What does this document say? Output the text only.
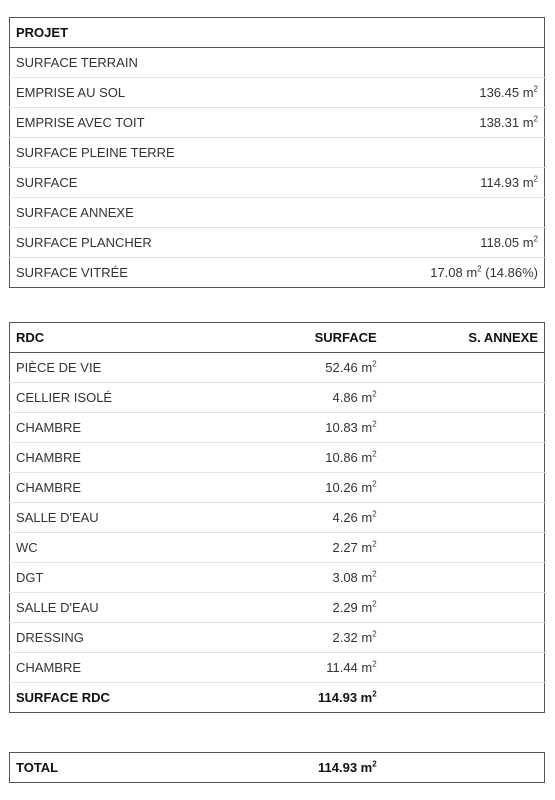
PROJET	
SURFACE TERRAIN	
EMPRISE AU SOL	136.45 $m^2$
EMPRISE AVEC TOIT	138.31 $m^2$
SURFACE PLEINE TERRE	
SURFACE	114.93 $m^2$
SURFACE ANNEXE	
SURFACE PLANCHER	118.05 $m^2$
SURFACE VITRÉE	17.08 $m^2$ (14.86%)
RDC	SURFACE	S. ANNEXE
PIÈCE DE VIE	52.46 $m^2$	
CELLIER ISOLÉ	4.86 $m^2$	
CHAMBRE	10.83 $m^2$	
CHAMBRE	10.86 $m^2$	
CHAMBRE	10.26 $m^2$	
SALLE D'EAU	4.26 $m^2$	
WC	2.27 $m^2$	
DGT	3.08 $m^2$	
SALLE D'EAU	2.29 $m^2$	
DRESSING	2.32 $m^2$	
CHAMBRE	11.44 $m^2$	
SURFACE RDC	114.93 $m^2$	
TOTAL	114.93 $m^2$	
